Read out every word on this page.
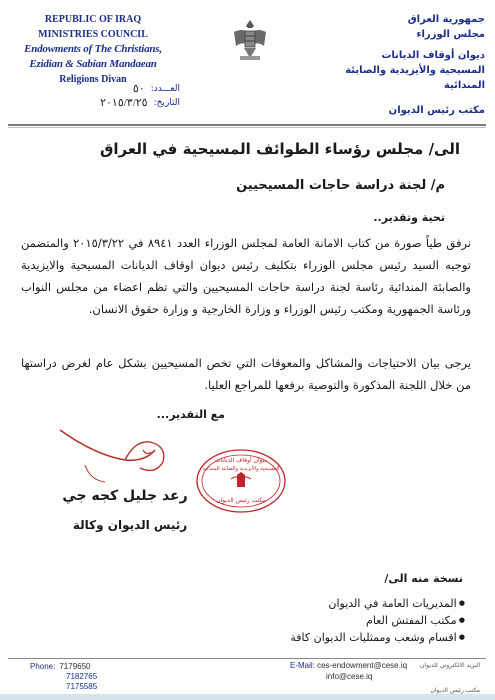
REPUBLIC OF IRAQ
MINISTRIES COUNCIL
Endowments of The Christians, Ezidian & Sabian Mandaean
Religions Divan
جمهورية العراق
مجلس الوزراء
ديوان أوقاف الديانات
المسيحية والأيزيدية والصابئة المندائية
مكتب رئيس الديوان
العـــدد:
٥٠
التاريخ:
٢٠١٥/٣/٢٥
الى/ مجلس رؤساء الطوائف المسيحية في العراق
م/ لجنة دراسة حاجات المسيحيين
تحية وتقدير..
نرفق طياً صورة من كتاب الامانة العامة لمجلس الوزراء العدد ٨٩٤١ في ٢٠١٥/٣/٢٢ والمتضمن توجيه السيد رئيس مجلس الوزراء بتكليف رئيس ديوان اوقاف الديانات المسيحية والايزيدية والصابئة المندائية رئاسة لجنة دراسة حاجات المسيحيين والتي تظم اعضاء من مجلس النواب ورئاسة الجمهورية ومكتب رئيس الوزراء و وزارة الخارجية و وزارة حقوق الانسان.
يرجى بيان الاحتياجات والمشاكل والمعوقات التي تخص المسيحيين بشكل عام لغرض دراستها من خلال اللجنة المذكورة والتوصية برفعها للمراجع العليا.
مع التقدير...
ديوان أوقاف الديانات
المسيحية والأيزيدية والصابئة المندائية
مكتب رئيس الديوان
رعد جليل كجه جي
رئيس الديوان وكالة
نسخة منه الى/
● المديريات العامة في الديوان
● مكتب المفتش العام
● اقسام وشعب وممثليات الديوان كافة
Phone: 7179650
7182765
7175585
E-Mail: ces-endowment@cese.iq
info@cese.iq
البريد الالكتروني للديوان
مكتب رئيس الديوان
